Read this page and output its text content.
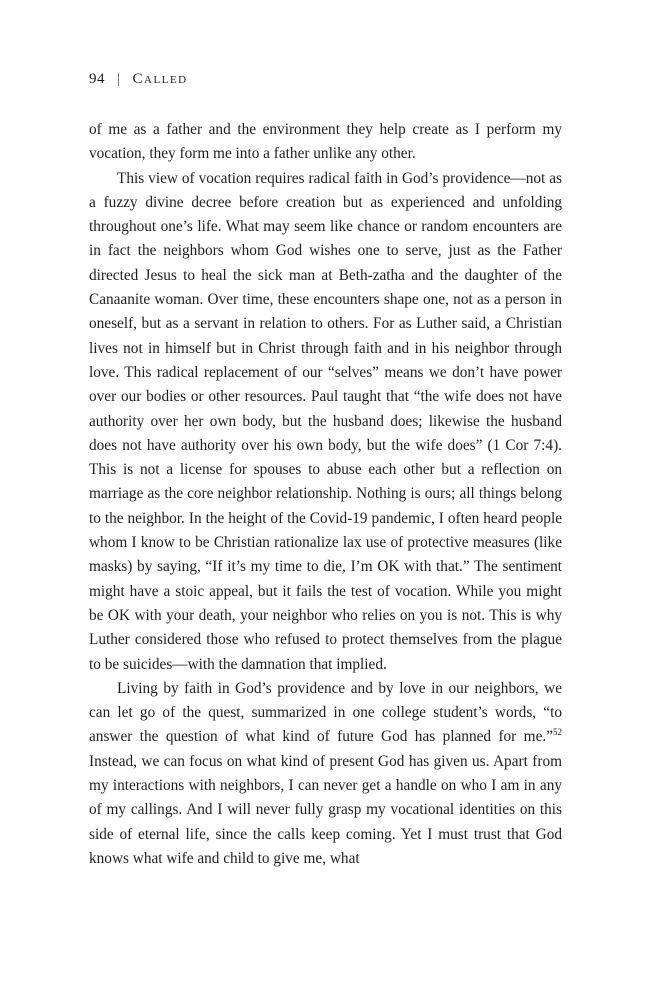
94 | Called

of me as a father and the environment they help create as I perform my vocation, they form me into a father unlike any other.

This view of vocation requires radical faith in God’s providence—not as a fuzzy divine decree before creation but as experienced and unfolding throughout one’s life. What may seem like chance or random encounters are in fact the neighbors whom God wishes one to serve, just as the Father directed Jesus to heal the sick man at Beth-zatha and the daughter of the Canaanite woman. Over time, these encounters shape one, not as a person in oneself, but as a servant in relation to others. For as Luther said, a Christian lives not in himself but in Christ through faith and in his neighbor through love. This radical replacement of our “selves” means we don’t have power over our bodies or other resources. Paul taught that “the wife does not have authority over her own body, but the husband does; likewise the husband does not have authority over his own body, but the wife does” (1 Cor 7:4). This is not a license for spouses to abuse each other but a reflection on marriage as the core neighbor relationship. Nothing is ours; all things belong to the neighbor. In the height of the Covid-19 pandemic, I often heard people whom I know to be Christian rationalize lax use of protective measures (like masks) by saying, “If it’s my time to die, I’m OK with that.” The sentiment might have a stoic appeal, but it fails the test of vocation. While you might be OK with your death, your neighbor who relies on you is not. This is why Luther considered those who refused to protect themselves from the plague to be suicides—with the damnation that implied.

Living by faith in God’s providence and by love in our neighbors, we can let go of the quest, summarized in one college student’s words, “to answer the question of what kind of future God has planned for me.”$^{52}$ Instead, we can focus on what kind of present God has given us. Apart from my interactions with neighbors, I can never get a handle on who I am in any of my callings. And I will never fully grasp my vocational identities on this side of eternal life, since the calls keep coming. Yet I must trust that God knows what wife and child to give me, what
